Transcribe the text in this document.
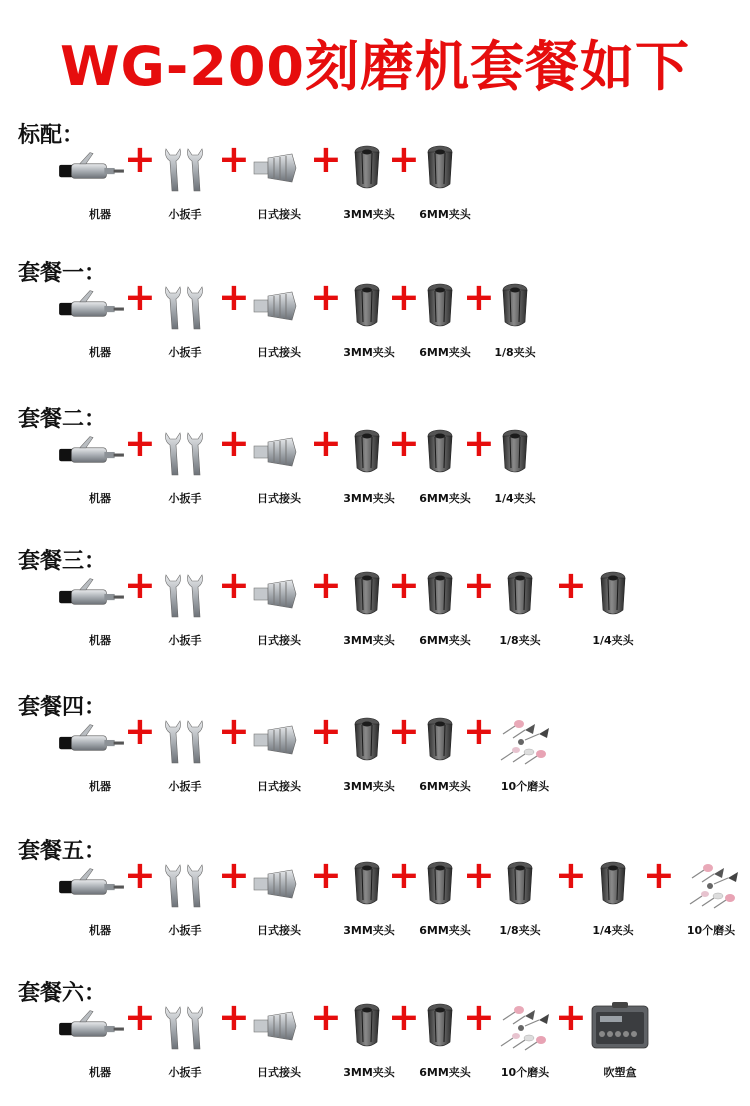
WG-200刻磨机套餐如下
标配：
机器
+
小扳手
+
日式接头
+
3MM夹头
+
6MM夹头
套餐一：
机器
+
小扳手
+
日式接头
+
3MM夹头
+
6MM夹头
+
1/8夹头
套餐二：
机器
+
小扳手
+
日式接头
+
3MM夹头
+
6MM夹头
+
1/4夹头
套餐三：
机器
+
小扳手
+
日式接头
+
3MM夹头
+
6MM夹头
+
1/8夹头
+
1/4夹头
套餐四：
机器
+
小扳手
+
日式接头
+
3MM夹头
+
6MM夹头
+
10个磨头
套餐五：
机器
+
小扳手
+
日式接头
+
3MM夹头
+
6MM夹头
+
1/8夹头
+
1/4夹头
+
10个磨头
套餐六：
机器
+
小扳手
+
日式接头
+
3MM夹头
+
6MM夹头
+
10个磨头
+
吹塑盒
